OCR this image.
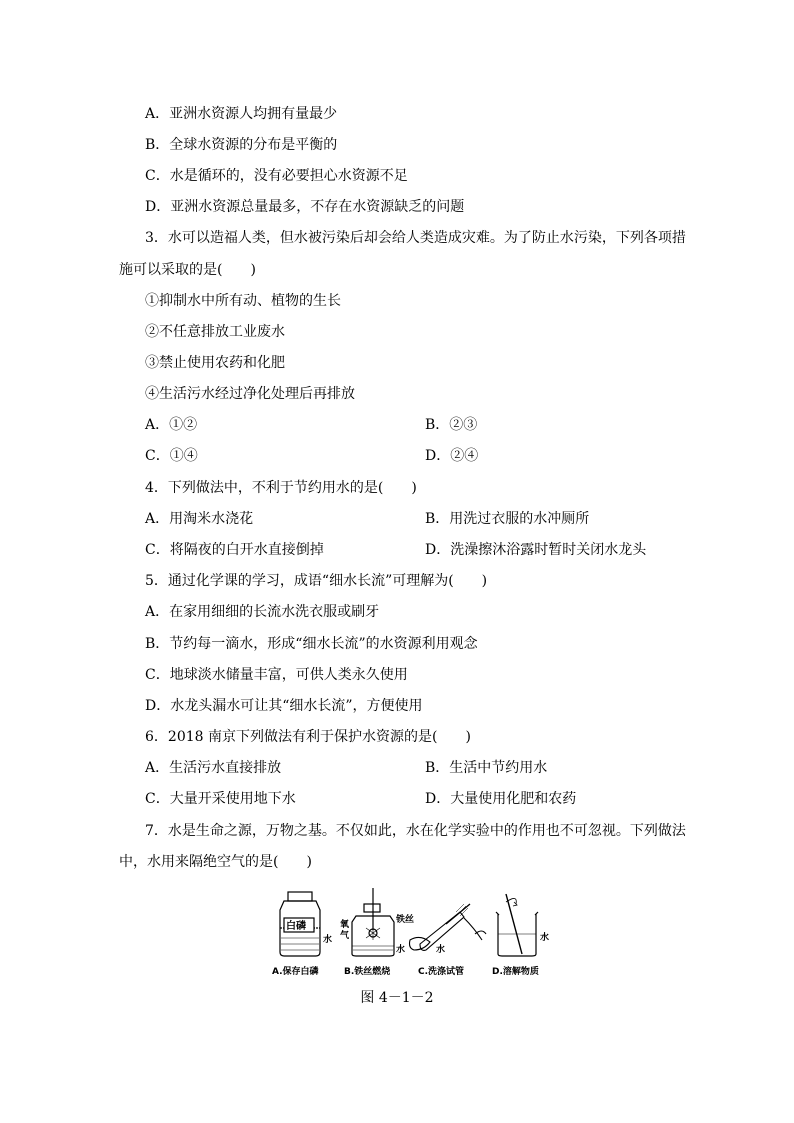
A．亚洲水资源人均拥有量最少
B．全球水资源的分布是平衡的
C．水是循环的，没有必要担心水资源不足
D．亚洲水资源总量最多，不存在水资源缺乏的问题
3．水可以造福人类，但水被污染后却会给人类造成灾难。为了防止水污染，下列各项措
施可以采取的是(　　)
①抑制水中所有动、植物的生长
②不任意排放工业废水
③禁止使用农药和化肥
④生活污水经过净化处理后再排放
A．①②	B．②③
C．①④	D．②④
4．下列做法中，不利于节约用水的是(　　)
A．用淘米水浇花	B．用洗过衣服的水冲厕所
C．将隔夜的白开水直接倒掉	D．洗澡擦沐浴露时暂时关闭水龙头
5．通过化学课的学习，成语“细水长流”可理解为(　　)
A．在家用细细的长流水洗衣服或刷牙
B．节约每一滴水，形成“细水长流”的水资源利用观念
C．地球淡水储量丰富，可供人类永久使用
D．水龙头漏水可让其“细水长流”，方便使用
6．2018 南京下列做法有利于保护水资源的是(　　)
A．生活污水直接排放	B．生活中节约用水
C．大量开采使用地下水	D．大量使用化肥和农药
7．水是生命之源，万物之基。不仅如此，水在化学实验中的作用也不可忽视。下列做法
中，水用来隔绝空气的是(　　)
白磷
水
氧
气
铁丝
水	水
水
A.保存白磷	B.铁丝燃烧	C.洗涤试管	D.溶解物质
图 4－1－2
